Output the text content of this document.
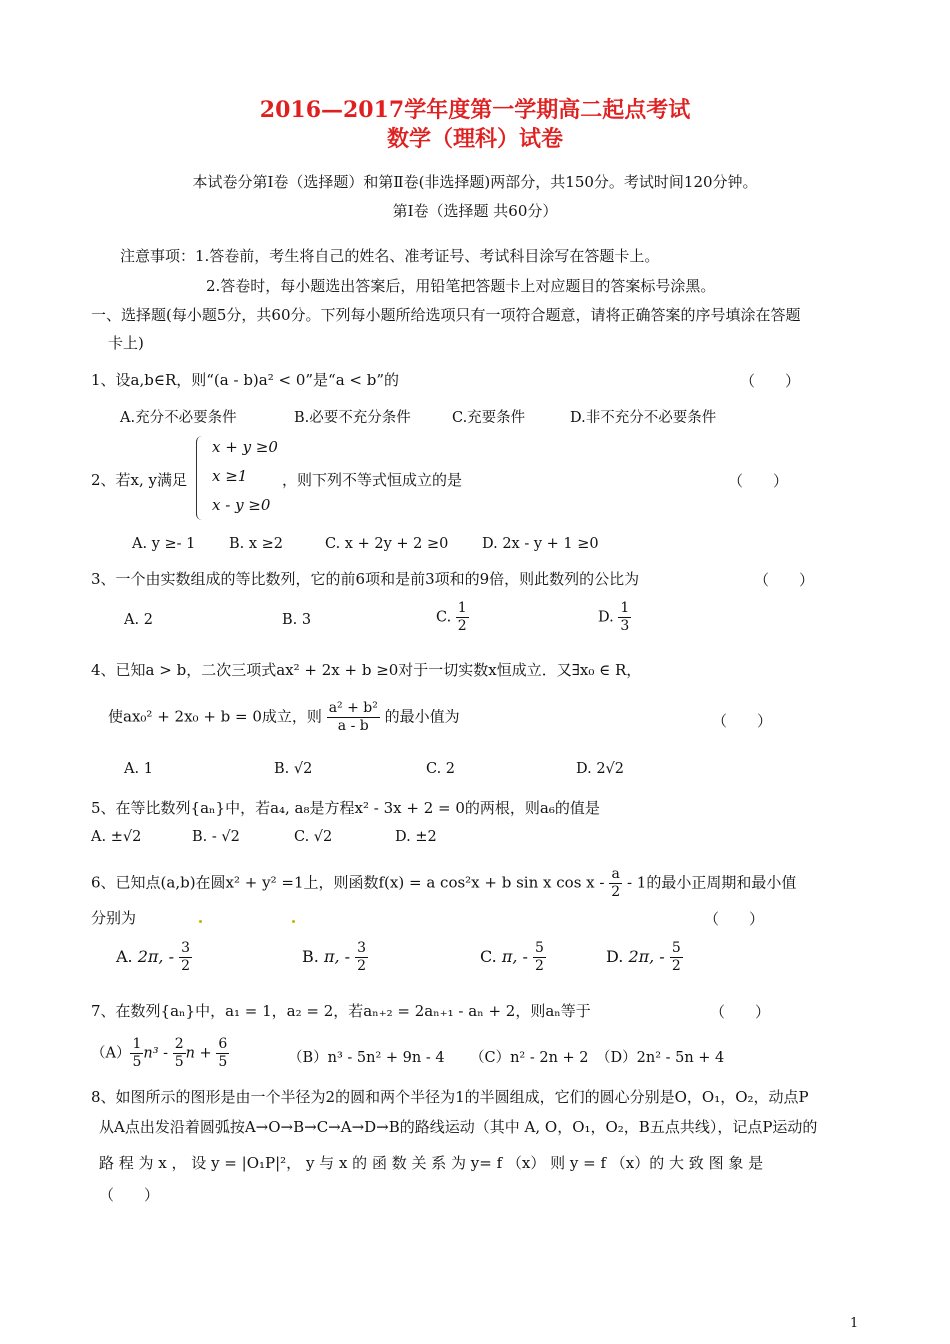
2016—2017学年度第一学期高二起点考试
数学（理科）试卷
本试卷分第Ⅰ卷（选择题）和第Ⅱ卷(非选择题)两部分，共150分。考试时间120分钟。
第Ⅰ卷（选择题 共60分）
注意事项：1.答卷前，考生将自己的姓名、准考证号、考试科目涂写在答题卡上。
2.答卷时，每小题选出答案后，用铅笔把答题卡上对应题目的答案标号涂黑。
一、选择题(每小题5分，共60分。下列每小题所给选项只有一项符合题意，请将正确答案的序号填涂在答题
卡上)
1、设a,b∈R，则“(a - b)a² < 0”是“a < b”的	（　　）
A.充分不必要条件	B.必要不充分条件	C.充要条件	D.非不充分不必要条件
2、若x, y满足
x + y ≥0
x ≥1
x - y ≥0
，则下列不等式恒成立的是	（　　）
A. y ≥- 1 B. x ≥2	C. x + 2y + 2 ≥0 D. 2x - y + 1 ≥0
3、一个由实数组成的等比数列，它的前6项和是前3项和的9倍，则此数列的公比为	（　　）
A. 2	B. 3	C. $\frac{1}{2}$	D. $\frac{1}{3}$
4、已知a > b，二次三项式ax² + 2x + b ≥0对于一切实数x恒成立．又∃x₀ ∈ R，
使ax₀² + 2x₀ + b = 0成立，则 $\frac{\text{a² + b²}}{a - b}$ 的最小值为	（　　）
A. 1	B. √2	C. 2	D. 2√2
5、在等比数列{aₙ}中，若a₄, a₈是方程x² - 3x + 2 = 0的两根，则a₆的值是
A. ±√2	B. - √2	C. √2	D. ±2
6、已知点(a,b)在圆x² + y² =1上，则函数f(x) = a cos²x + b sin x cos x - $\frac{a}{2} - 1$的最小正周期和最小值
分别为	（　　）
A. 2π, - $\frac{3}{2}$	B. π, - $\frac{3}{2}$	C. π, - $\frac{5}{2}$	D. 2π, - $\frac{5}{2}$
7、在数列{aₙ}中，a₁ = 1，a₂ = 2，若aₙ₊₂ = 2aₙ₊₁ - aₙ + 2，则aₙ等于	（　　）
$(A) \frac{1}{5} n^3 - \frac{2}{5}$ $n + \frac{6}{5}$	（B）n³ - 5n² + 9n - 4 （C）n² - 2n + 2 （D）2n² - 5n + 4
8、如图所示的图形是由一个半径为2的圆和两个半径为1的半圆组成，它们的圆心分别是O，O₁，O₂，动点P
从A点出发沿着圆弧按A→O→B→C→A→D→B的路线运动（其中 A, O，O₁，O₂，B五点共线），记点P运动的
路 程 为 x ， 设 y = |O₁P|²， y 与 x 的 函 数 关 系 为 y= f （x） 则 y = f （x）的 大 致 图 象 是
（　　）
1
